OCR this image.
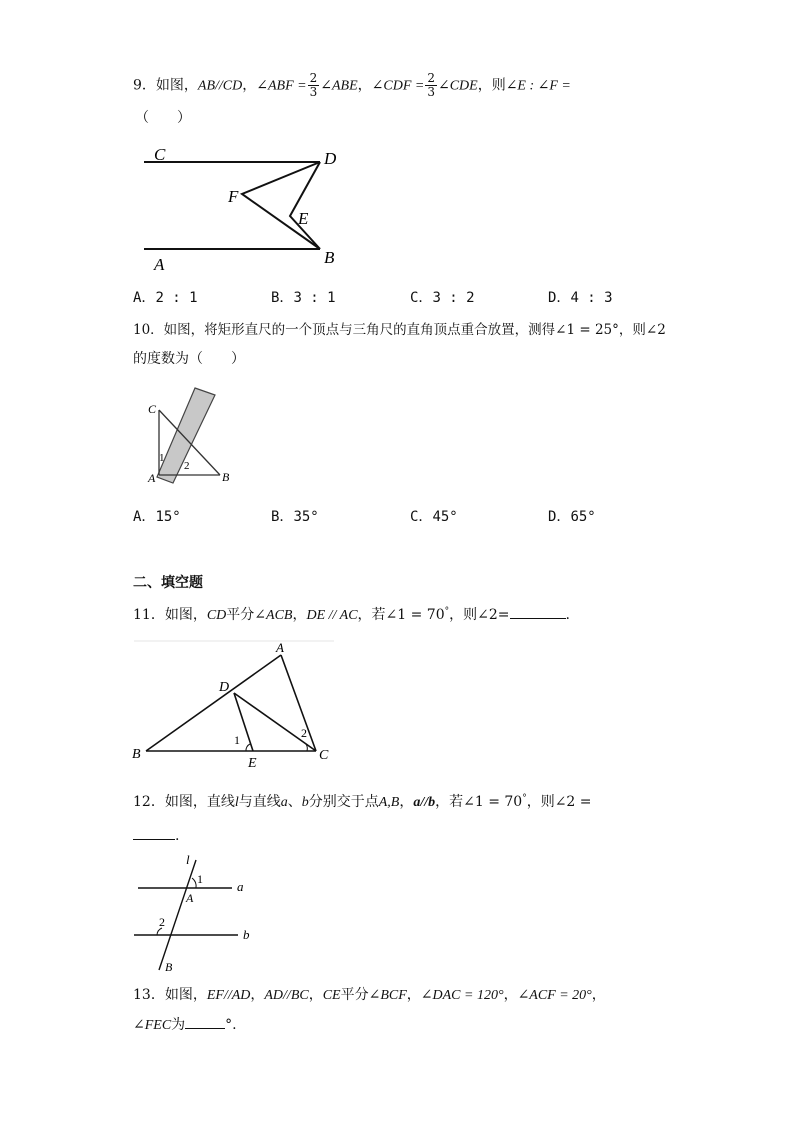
9．如图，AB//CD，∠ABF = $\frac{2}{3}$ ∠ABE，∠CDF = $\frac{2}{3}$ ∠CDE，则∠E : ∠F =
（　　）
C	D
F
E
A	B
A．2 : 1	B．3 : 1	C．3 : 2	D．4 : 3
10．如图，将矩形直尺的一个顶点与三角尺的直角顶点重合放置，测得∠1 = 25°，则∠2
的度数为（　　）
C
A	B
1
2
A．15°	B．35°	C．45°	D．65°
二、填空题
11．如图，CD平分∠ACB，DE // AC，若∠1 = 70°，则∠2=	.
A
D
B
E
C
1	2
12．如图，直线l与直线a、b分别交于点A,B，a//b，若∠1 = 70°，则∠2 =
.
l
1
A
a
2
b
B
13．如图，EF//AD，AD//BC，CE平分∠BCF，∠DAC = 120°，∠ACF = 20°，
∠FEC为	°.
